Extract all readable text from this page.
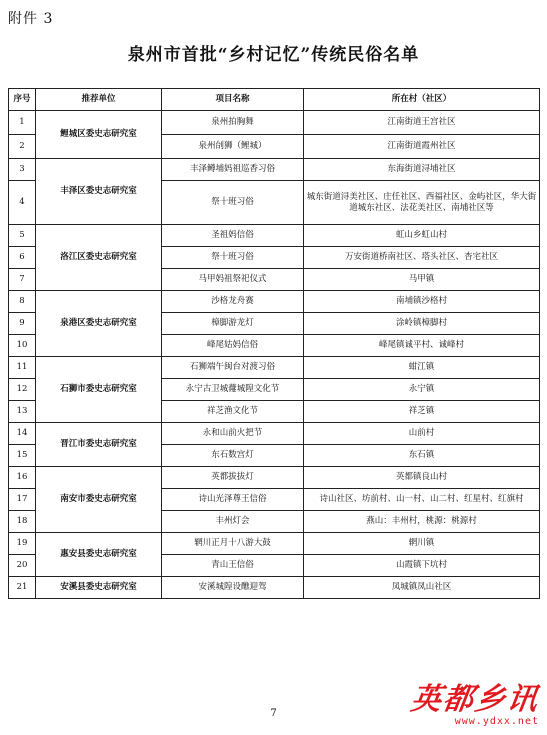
附件 3
泉州市首批“乡村记忆”传统民俗名单
序号	推荐单位	项目名称	所在村（社区）
1	鲤城区委史志研究室	泉州拍胸舞	江南街道王宫社区
2		泉州刣狮（鲤城）	江南街道霞州社区
3	丰泽区委史志研究室	丰泽鳟埔妈祖巡香习俗	东海街道浔埔社区
4		祭十班习俗	城东街道浔美社区、庄任社区、西福社区、金屿社区，华大街道城东社区、法花美社区、南埔社区等
5	洛江区委史志研究室	圣祖妈信俗	虹山乡虹山村
6		祭十班习俗	万安街道桥南社区、塔头社区、杏宅社区
7		马甲妈祖祭祀仪式	马甲镇
8	泉港区委史志研究室	沙格龙舟赛	南埔镇沙格村
9		樟脚游龙灯	涂岭镇樟脚村
10		峰尾姑妈信俗	峰尾镇诚平村、诚峰村
11	石狮市委史志研究室	石狮端午闽台对渡习俗	蚶江镇
12		永宁古卫城蘉城隍文化节	永宁镇
13		祥芝渔文化节	祥芝镇
14	晋江市委史志研究室	永和山前火把节	山前村
15		东石数宫灯	东石镇
16	南安市委史志研究室	英都拔拔灯	英都镇良山村
17		诗山光泽尊王信俗	诗山社区、坊前村、山一村、山二村、红星村、红旗村
18		丰州灯会	燕山：丰州村，桃源：桃源村
19	惠安县委史志研究室	辋川正月十八游大鼓	辋川镇
20		青山王信俗	山霞镇下坑村
21	安溪县委史志研究室	安溪城隍设醮迎驾	凤城镇凤山社区
7	英都乡讯
www.ydxx.net
